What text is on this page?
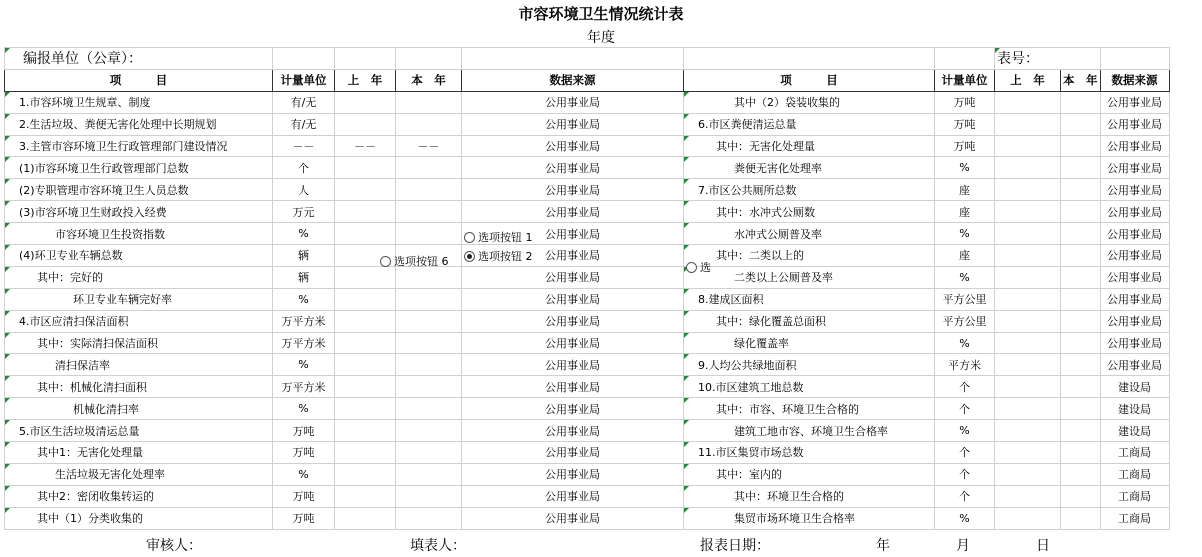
市容环境卫生情况统计表
年度
编报单位（公章）：							表号：		
项　　　目	计量单位	上　年	本　年	数据来源	项　　　目	计量单位	上　年	本　年	数据来源
1.市容环境卫生规章、制度	有/无			公用事业局	其中（2）袋装收集的	万吨			公用事业局
2.生活垃圾、粪便无害化处理中长期规划	有/无			公用事业局	6.市区粪便清运总量	万吨			公用事业局
3.主管市容环境卫生行政管理部门建设情况	－－	－－	－－	公用事业局	其中：无害化处理量	万吨			公用事业局
(1)市容环境卫生行政管理部门总数	个			公用事业局	粪便无害化处理率	%			公用事业局
(2)专职管理市容环境卫生人员总数	人			公用事业局	7.市区公共厕所总数	座			公用事业局
(3)市容环境卫生财政投入经费	万元			公用事业局	其中：水冲式公厕数	座			公用事业局
市容环境卫生投资指数	%			公用事业局	水冲式公厕普及率	%			公用事业局
(4)环卫专业车辆总数	辆			公用事业局	其中：二类以上的	座			公用事业局
其中：完好的	辆			公用事业局	二类以上公厕普及率	%			公用事业局
环卫专业车辆完好率	%			公用事业局	8.建成区面积	平方公里			公用事业局
4.市区应清扫保洁面积	万平方米			公用事业局	其中：绿化覆盖总面积	平方公里			公用事业局
其中：实际清扫保洁面积	万平方米			公用事业局	绿化覆盖率	%			公用事业局
清扫保洁率	%			公用事业局	9.人均公共绿地面积	平方米			公用事业局
其中：机械化清扫面积	万平方米			公用事业局	10.市区建筑工地总数	个			建设局
机械化清扫率	%			公用事业局	其中：市容、环境卫生合格的	个			建设局
5.市区生活垃圾清运总量	万吨			公用事业局	建筑工地市容、环境卫生合格率	%			建设局
其中1：无害化处理量	万吨			公用事业局	11.市区集贸市场总数	个			工商局
生活垃圾无害化处理率	%			公用事业局	其中：室内的	个			工商局
其中2：密闭收集转运的	万吨			公用事业局	其中：环境卫生合格的	个			工商局
其中（1）分类收集的	万吨			公用事业局	集贸市场环境卫生合格率	%			工商局
选项按钮 1
选项按钮 2
选项按钮 6	选
审核人：	填表人：	报表日期：	年	月	日
